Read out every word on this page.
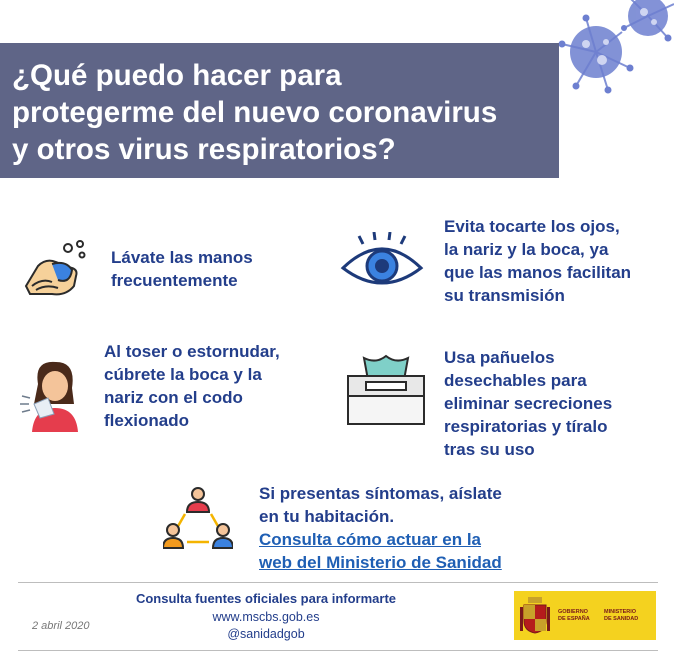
¿Qué puedo hacer para
protegerme del nuevo coronavirus
y otros virus respiratorios?
Lávate las manos
frecuentemente
Evita tocarte los ojos,
la nariz y la boca, ya
que las manos facilitan
su transmisión
Al toser o estornudar,
cúbrete la boca y la
nariz con el codo
flexionado
Usa pañuelos
desechables para
eliminar secreciones
respiratorias y tíralo
tras su uso
Si presentas síntomas, aíslate
en tu habitación.
Consulta cómo actuar en la
web del Ministerio de Sanidad
Consulta fuentes oficiales para informarte
www.mscbs.gob.es
@sanidadgob
2 abril 2020
GOBIERNO
DE ESPAÑA
MINISTERIO
DE SANIDAD
